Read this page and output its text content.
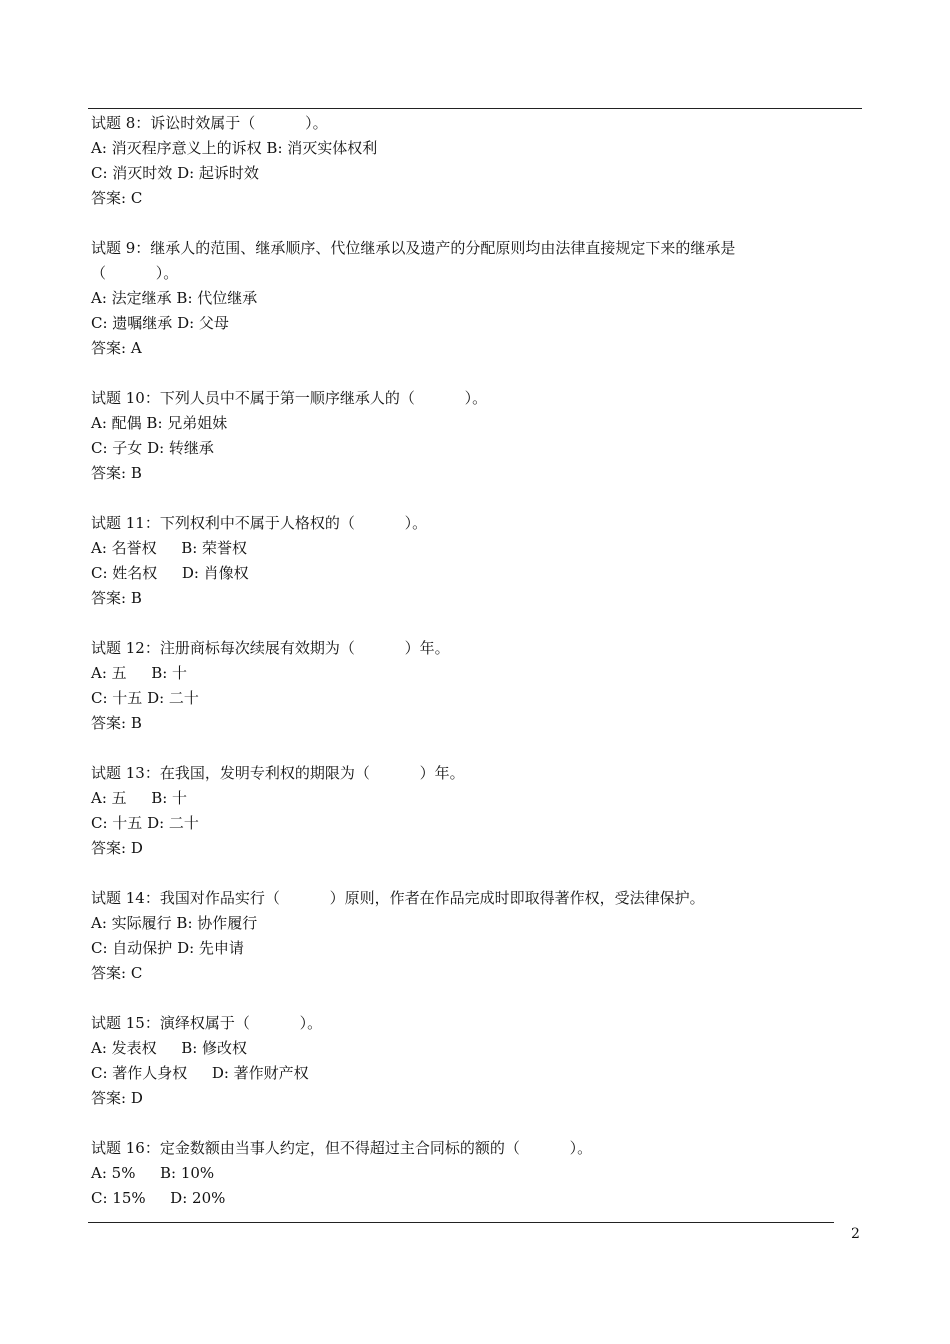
试题 8：诉讼时效属于（ 　　　）。
A: 消灭程序意义上的诉权 B: 消灭实体权利
C: 消灭时效 D: 起诉时效
答案: C
试题 9：继承人的范围、继承顺序、代位继承以及遗产的分配原则均由法律直接规定下来的继承是
（ 　　　）。
A: 法定继承 B: 代位继承
C: 遗嘱继承 D: 父母
答案: A
试题 10：下列人员中不属于第一顺序继承人的（ 　　　）。
A: 配偶 B: 兄弟姐妹
C: 子女 D: 转继承
答案: B
试题 11：下列权利中不属于人格权的（ 　　　）。
A: 名誉权 　 B: 荣誉权
C: 姓名权 　 D: 肖像权
答案: B
试题 12：注册商标每次续展有效期为（ 　　　）年。
A: 五 　 B: 十
C: 十五 D: 二十
答案: B
试题 13：在我国，发明专利权的期限为（ 　　　）年。
A: 五 　 B: 十
C: 十五 D: 二十
答案: D
试题 14：我国对作品实行（ 　　　）原则，作者在作品完成时即取得著作权，受法律保护。
A: 实际履行 B: 协作履行
C: 自动保护 D: 先申请
答案: C
试题 15：演绎权属于（ 　　　）。
A: 发表权 　 B: 修改权
C: 著作人身权 　 D: 著作财产权
答案: D
试题 16：定金数额由当事人约定，但不得超过主合同标的额的（ 　　　）。
A: 5% 　 B: 10%
C: 15% 　 D: 20%
2
